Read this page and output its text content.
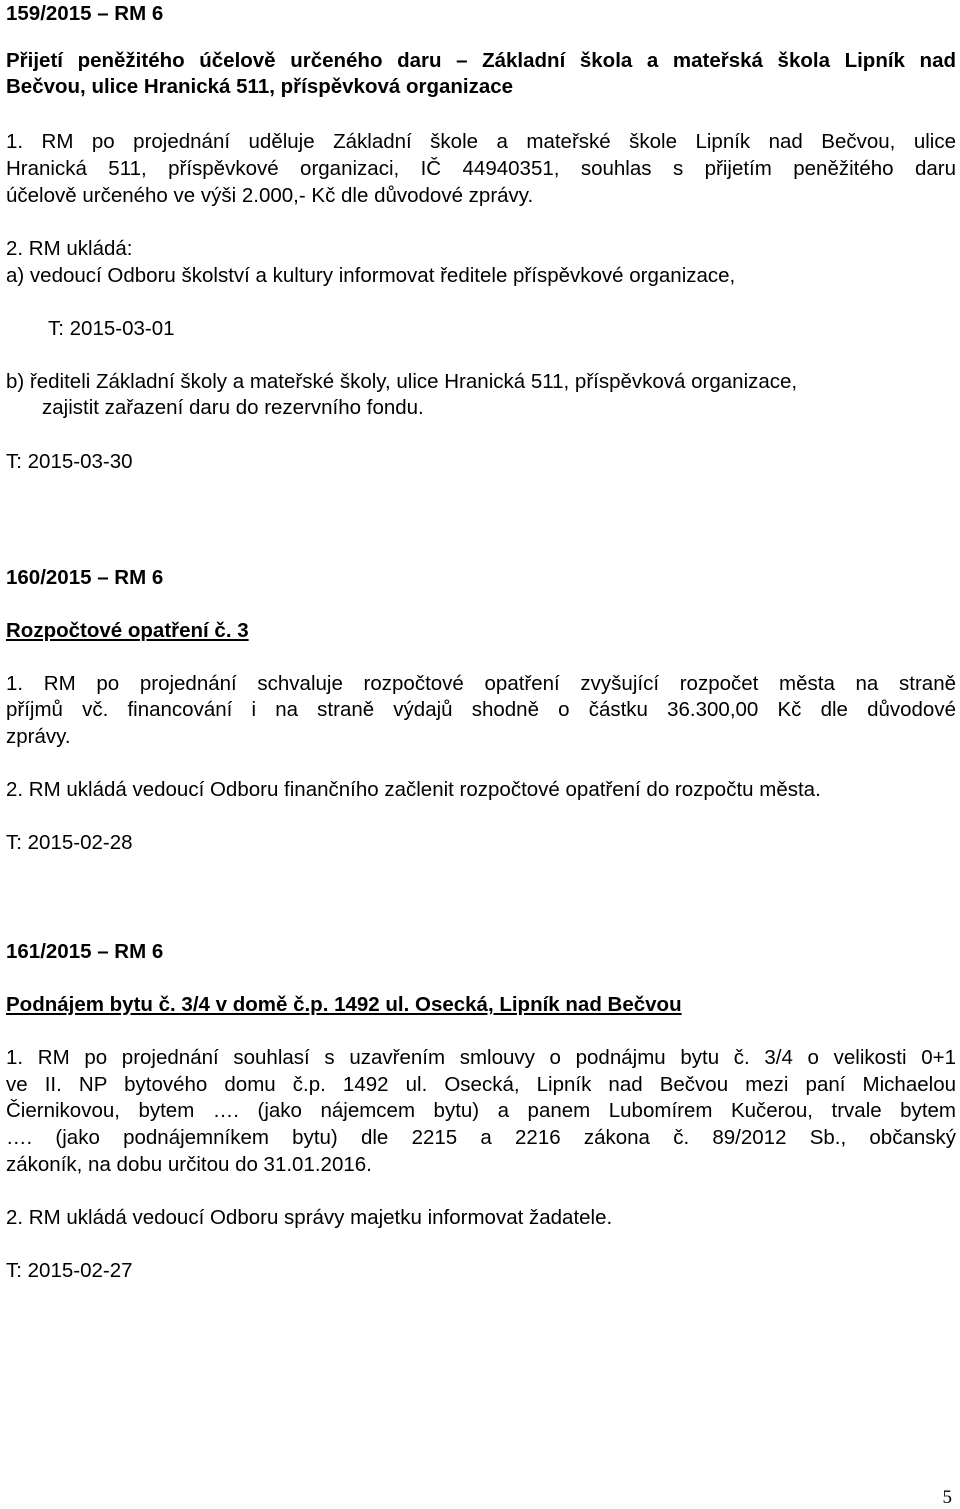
159/2015 – RM 6
Přijetí peněžitého účelově určeného daru – Základní škola a mateřská škola Lipník nad
Bečvou, ulice Hranická 511, příspěvková organizace
1. RM po projednání uděluje Základní škole a mateřské škole Lipník nad Bečvou, ulice
Hranická 511, příspěvkové organizaci, IČ 44940351, souhlas s přijetím peněžitého daru
účelově určeného ve výši 2.000,- Kč dle důvodové zprávy.
2. RM ukládá:
a) vedoucí Odboru školství a kultury informovat ředitele příspěvkové organizace,
T: 2015-03-01
b) řediteli Základní školy a mateřské školy, ulice Hranická 511, příspěvková organizace,
zajistit zařazení daru do rezervního fondu.
T: 2015-03-30
160/2015 – RM 6
Rozpočtové opatření č. 3
1. RM po projednání schvaluje rozpočtové opatření zvyšující rozpočet města na straně
příjmů vč. financování i na straně výdajů shodně o částku 36.300,00 Kč dle důvodové
zprávy.
2. RM ukládá vedoucí Odboru finančního začlenit rozpočtové opatření do rozpočtu města.
T: 2015-02-28
161/2015 – RM 6
Podnájem bytu č. 3/4 v domě č.p. 1492 ul. Osecká, Lipník nad Bečvou
1. RM po projednání souhlasí s uzavřením smlouvy o podnájmu bytu č. 3/4 o velikosti 0+1
ve II. NP bytového domu č.p. 1492 ul. Osecká, Lipník nad Bečvou mezi paní Michaelou
Čiernikovou, bytem …. (jako nájemcem bytu) a panem Lubomírem Kučerou, trvale bytem
…. (jako podnájemníkem bytu) dle 2215 a 2216 zákona č. 89/2012 Sb., občanský
zákoník, na dobu určitou do 31.01.2016.
2. RM ukládá vedoucí Odboru správy majetku informovat žadatele.
T: 2015-02-27
5
